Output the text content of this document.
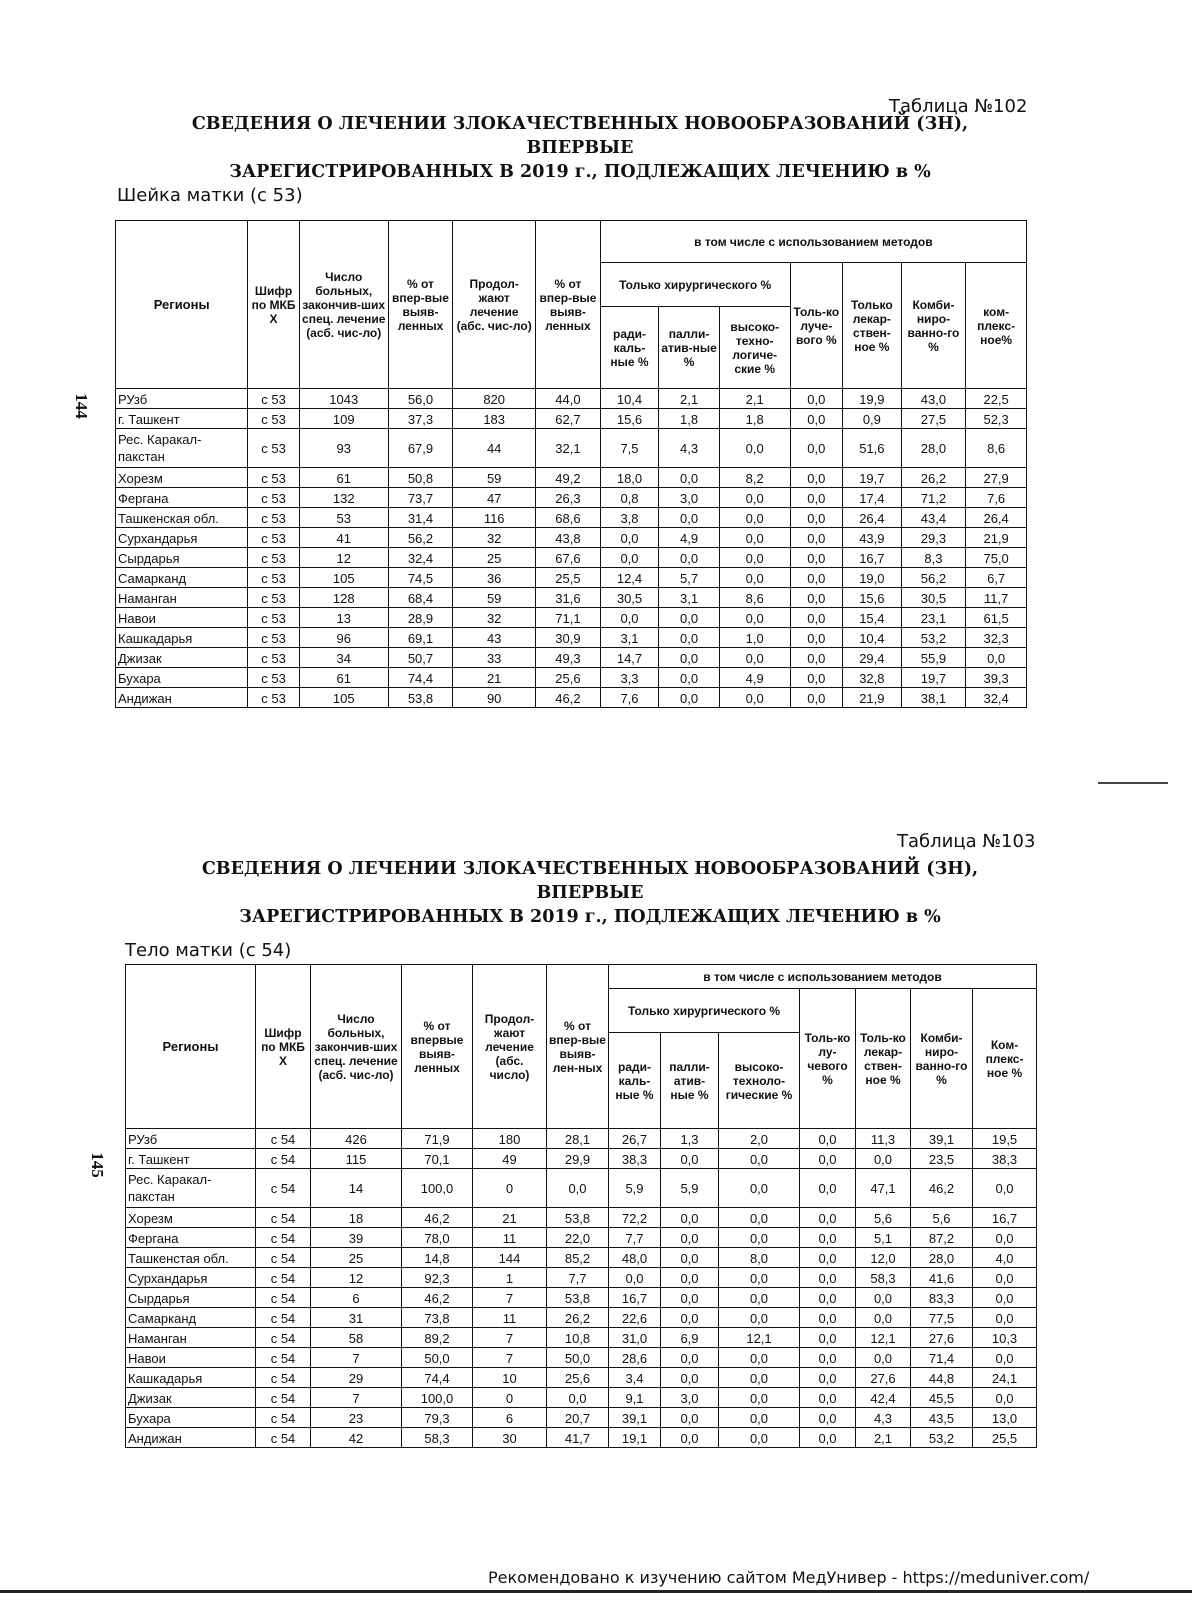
144
Таблица №102
СВЕДЕНИЯ О ЛЕЧЕНИИ ЗЛОКАЧЕСТВЕННЫХ НОВООБРАЗОВАНИЙ (ЗН), ВПЕРВЫЕ
ЗАРЕГИСТРИРОВАННЫХ В 2019 г., ПОДЛЕЖАЩИХ ЛЕЧЕНИЮ в %
Шейка матки (с 53)
Регионы	Шифр по МКБ X	Число больных, закончив-ших спец. лечение (асб. чис-ло)	% от впер-вые выяв-ленных	Продол-жают лечение (абс. чис-ло)	% от впер-вые выяв-ленных	в том числе с использованием методов						
						Только хирургического %			Толь-ко луче-вого %	Только лекар-ствен-ное %	Комби-ниро-ванно-го %	ком-плекс-ное%
						ради-каль-ные %	палли-атив-ные %	высоко-техно-логиче-ские %				
РУзб	с 53	1043	56,0	820	44,0	10,4	2,1	2,1	0,0	19,9	43,0	22,5
г. Ташкент	с 53	109	37,3	183	62,7	15,6	1,8	1,8	0,0	0,9	27,5	52,3
Рес. Каракал-пакстан	с 53	93	67,9	44	32,1	7,5	4,3	0,0	0,0	51,6	28,0	8,6
Хорезм	с 53	61	50,8	59	49,2	18,0	0,0	8,2	0,0	19,7	26,2	27,9
Фергана	с 53	132	73,7	47	26,3	0,8	3,0	0,0	0,0	17,4	71,2	7,6
Ташкенская обл.	с 53	53	31,4	116	68,6	3,8	0,0	0,0	0,0	26,4	43,4	26,4
Сурхандарья	с 53	41	56,2	32	43,8	0,0	4,9	0,0	0,0	43,9	29,3	21,9
Сырдарья	с 53	12	32,4	25	67,6	0,0	0,0	0,0	0,0	16,7	8,3	75,0
Самарканд	с 53	105	74,5	36	25,5	12,4	5,7	0,0	0,0	19,0	56,2	6,7
Наманган	с 53	128	68,4	59	31,6	30,5	3,1	8,6	0,0	15,6	30,5	11,7
Навои	с 53	13	28,9	32	71,1	0,0	0,0	0,0	0,0	15,4	23,1	61,5
Кашкадарья	с 53	96	69,1	43	30,9	3,1	0,0	1,0	0,0	10,4	53,2	32,3
Джизак	с 53	34	50,7	33	49,3	14,7	0,0	0,0	0,0	29,4	55,9	0,0
Бухара	с 53	61	74,4	21	25,6	3,3	0,0	4,9	0,0	32,8	19,7	39,3
Андижан	с 53	105	53,8	90	46,2	7,6	0,0	0,0	0,0	21,9	38,1	32,4
145
Таблица №103
СВЕДЕНИЯ О ЛЕЧЕНИИ ЗЛОКАЧЕСТВЕННЫХ НОВООБРАЗОВАНИЙ (ЗН), ВПЕРВЫЕ
ЗАРЕГИСТРИРОВАННЫХ В 2019 г., ПОДЛЕЖАЩИХ ЛЕЧЕНИЮ в %
Тело матки (с 54)
Регионы	Шифр по МКБ X	Число больных, закончив-ших спец. лечение (асб. чис-ло)	% от впервые выяв-ленных	Продол-жают лечение (абс. число)	% от впер-вые выяв-лен-ных	в том числе с использованием методов						
						Только хирургического %			Толь-ко лу-чевого %	Толь-ко лекар-ствен-ное %	Комби-ниро-ванно-го %	Ком-плекс-ное %
						ради-каль-ные %	палли-атив-ные %	высоко-техноло-гические %				
РУзб	с 54	426	71,9	180	28,1	26,7	1,3	2,0	0,0	11,3	39,1	19,5
г. Ташкент	с 54	115	70,1	49	29,9	38,3	0,0	0,0	0,0	0,0	23,5	38,3
Рес. Каракал-пакстан	с 54	14	100,0	0	0,0	5,9	5,9	0,0	0,0	47,1	46,2	0,0
Хорезм	с 54	18	46,2	21	53,8	72,2	0,0	0,0	0,0	5,6	5,6	16,7
Фергана	с 54	39	78,0	11	22,0	7,7	0,0	0,0	0,0	5,1	87,2	0,0
Ташкенстая обл.	с 54	25	14,8	144	85,2	48,0	0,0	8,0	0,0	12,0	28,0	4,0
Сурхандарья	с 54	12	92,3	1	7,7	0,0	0,0	0,0	0,0	58,3	41,6	0,0
Сырдарья	с 54	6	46,2	7	53,8	16,7	0,0	0,0	0,0	0,0	83,3	0,0
Самарканд	с 54	31	73,8	11	26,2	22,6	0,0	0,0	0,0	0,0	77,5	0,0
Наманган	с 54	58	89,2	7	10,8	31,0	6,9	12,1	0,0	12,1	27,6	10,3
Навои	с 54	7	50,0	7	50,0	28,6	0,0	0,0	0,0	0,0	71,4	0,0
Кашкадарья	с 54	29	74,4	10	25,6	3,4	0,0	0,0	0,0	27,6	44,8	24,1
Джизак	с 54	7	100,0	0	0,0	9,1	3,0	0,0	0,0	42,4	45,5	0,0
Бухара	с 54	23	79,3	6	20,7	39,1	0,0	0,0	0,0	4,3	43,5	13,0
Андижан	с 54	42	58,3	30	41,7	19,1	0,0	0,0	0,0	2,1	53,2	25,5
Рекомендовано к изучению сайтом МедУнивер - https://meduniver.com/
